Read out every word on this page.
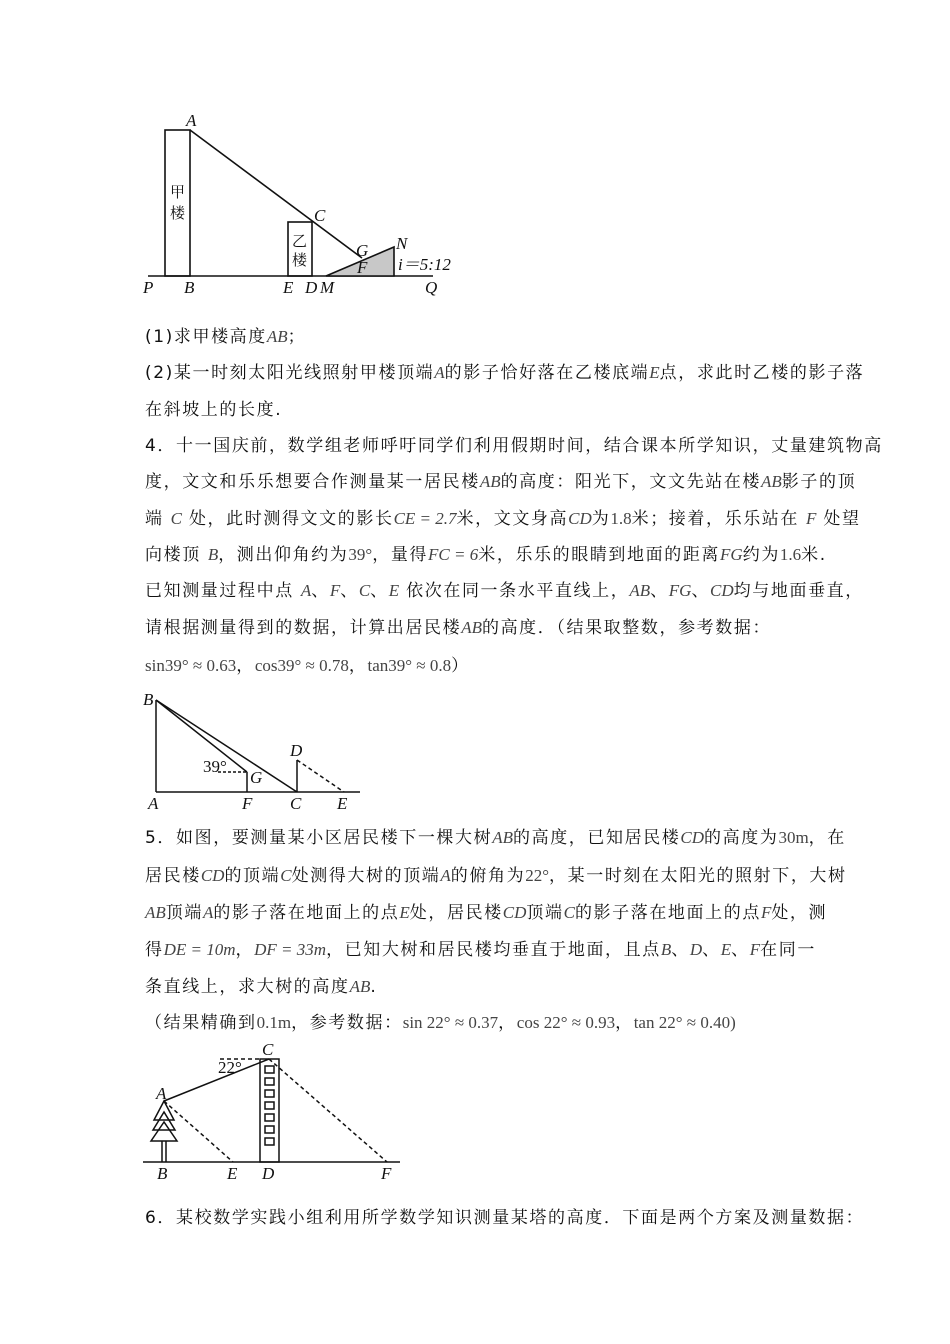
A
C
G N
F i＝5:12
P B	E D M	Q
甲
楼
乙
楼
B
A	F C E
D
G
39°
C
A
B	E D	F
22°
(1)求甲楼高度AB；
(2)某一时刻太阳光线照射甲楼顶端A的影子恰好落在乙楼底端E点，求此时乙楼的影子落
在斜坡上的长度.
4．十一国庆前，数学组老师呼吁同学们利用假期时间，结合课本所学知识，丈量建筑物高
度，文文和乐乐想要合作测量某一居民楼AB的高度：阳光下，文文先站在楼AB影子的顶
端 C 处，此时测得文文的影长CE = 2.7米，文文身高CD为1.8米；接着，乐乐站在 F 处望
向楼顶 B，测出仰角约为39°，量得FC = 6米，乐乐的眼睛到地面的距离FG约为1.6米.
已知测量过程中点 A、F、C、E 依次在同一条水平直线上，AB、FG、CD均与地面垂直，
请根据测量得到的数据，计算出居民楼AB的高度．（结果取整数，参考数据：
sin39° ≈ 0.63，cos39° ≈ 0.78，tan39° ≈ 0.8）
5．如图，要测量某小区居民楼下一棵大树AB的高度，已知居民楼CD的高度为30m，在
居民楼CD的顶端C处测得大树的顶端A的俯角为22°，某一时刻在太阳光的照射下，大树
AB顶端A的影子落在地面上的点E处，居民楼CD顶端C的影子落在地面上的点F处，测
得DE = 10m，DF = 33m，已知大树和居民楼均垂直于地面，且点B、D、E、F在同一
条直线上，求大树的高度AB.
（结果精确到0.1m，参考数据：sin 22° ≈ 0.37，cos 22° ≈ 0.93，tan 22° ≈ 0.40)
6．某校数学实践小组利用所学数学知识测量某塔的高度．下面是两个方案及测量数据：
